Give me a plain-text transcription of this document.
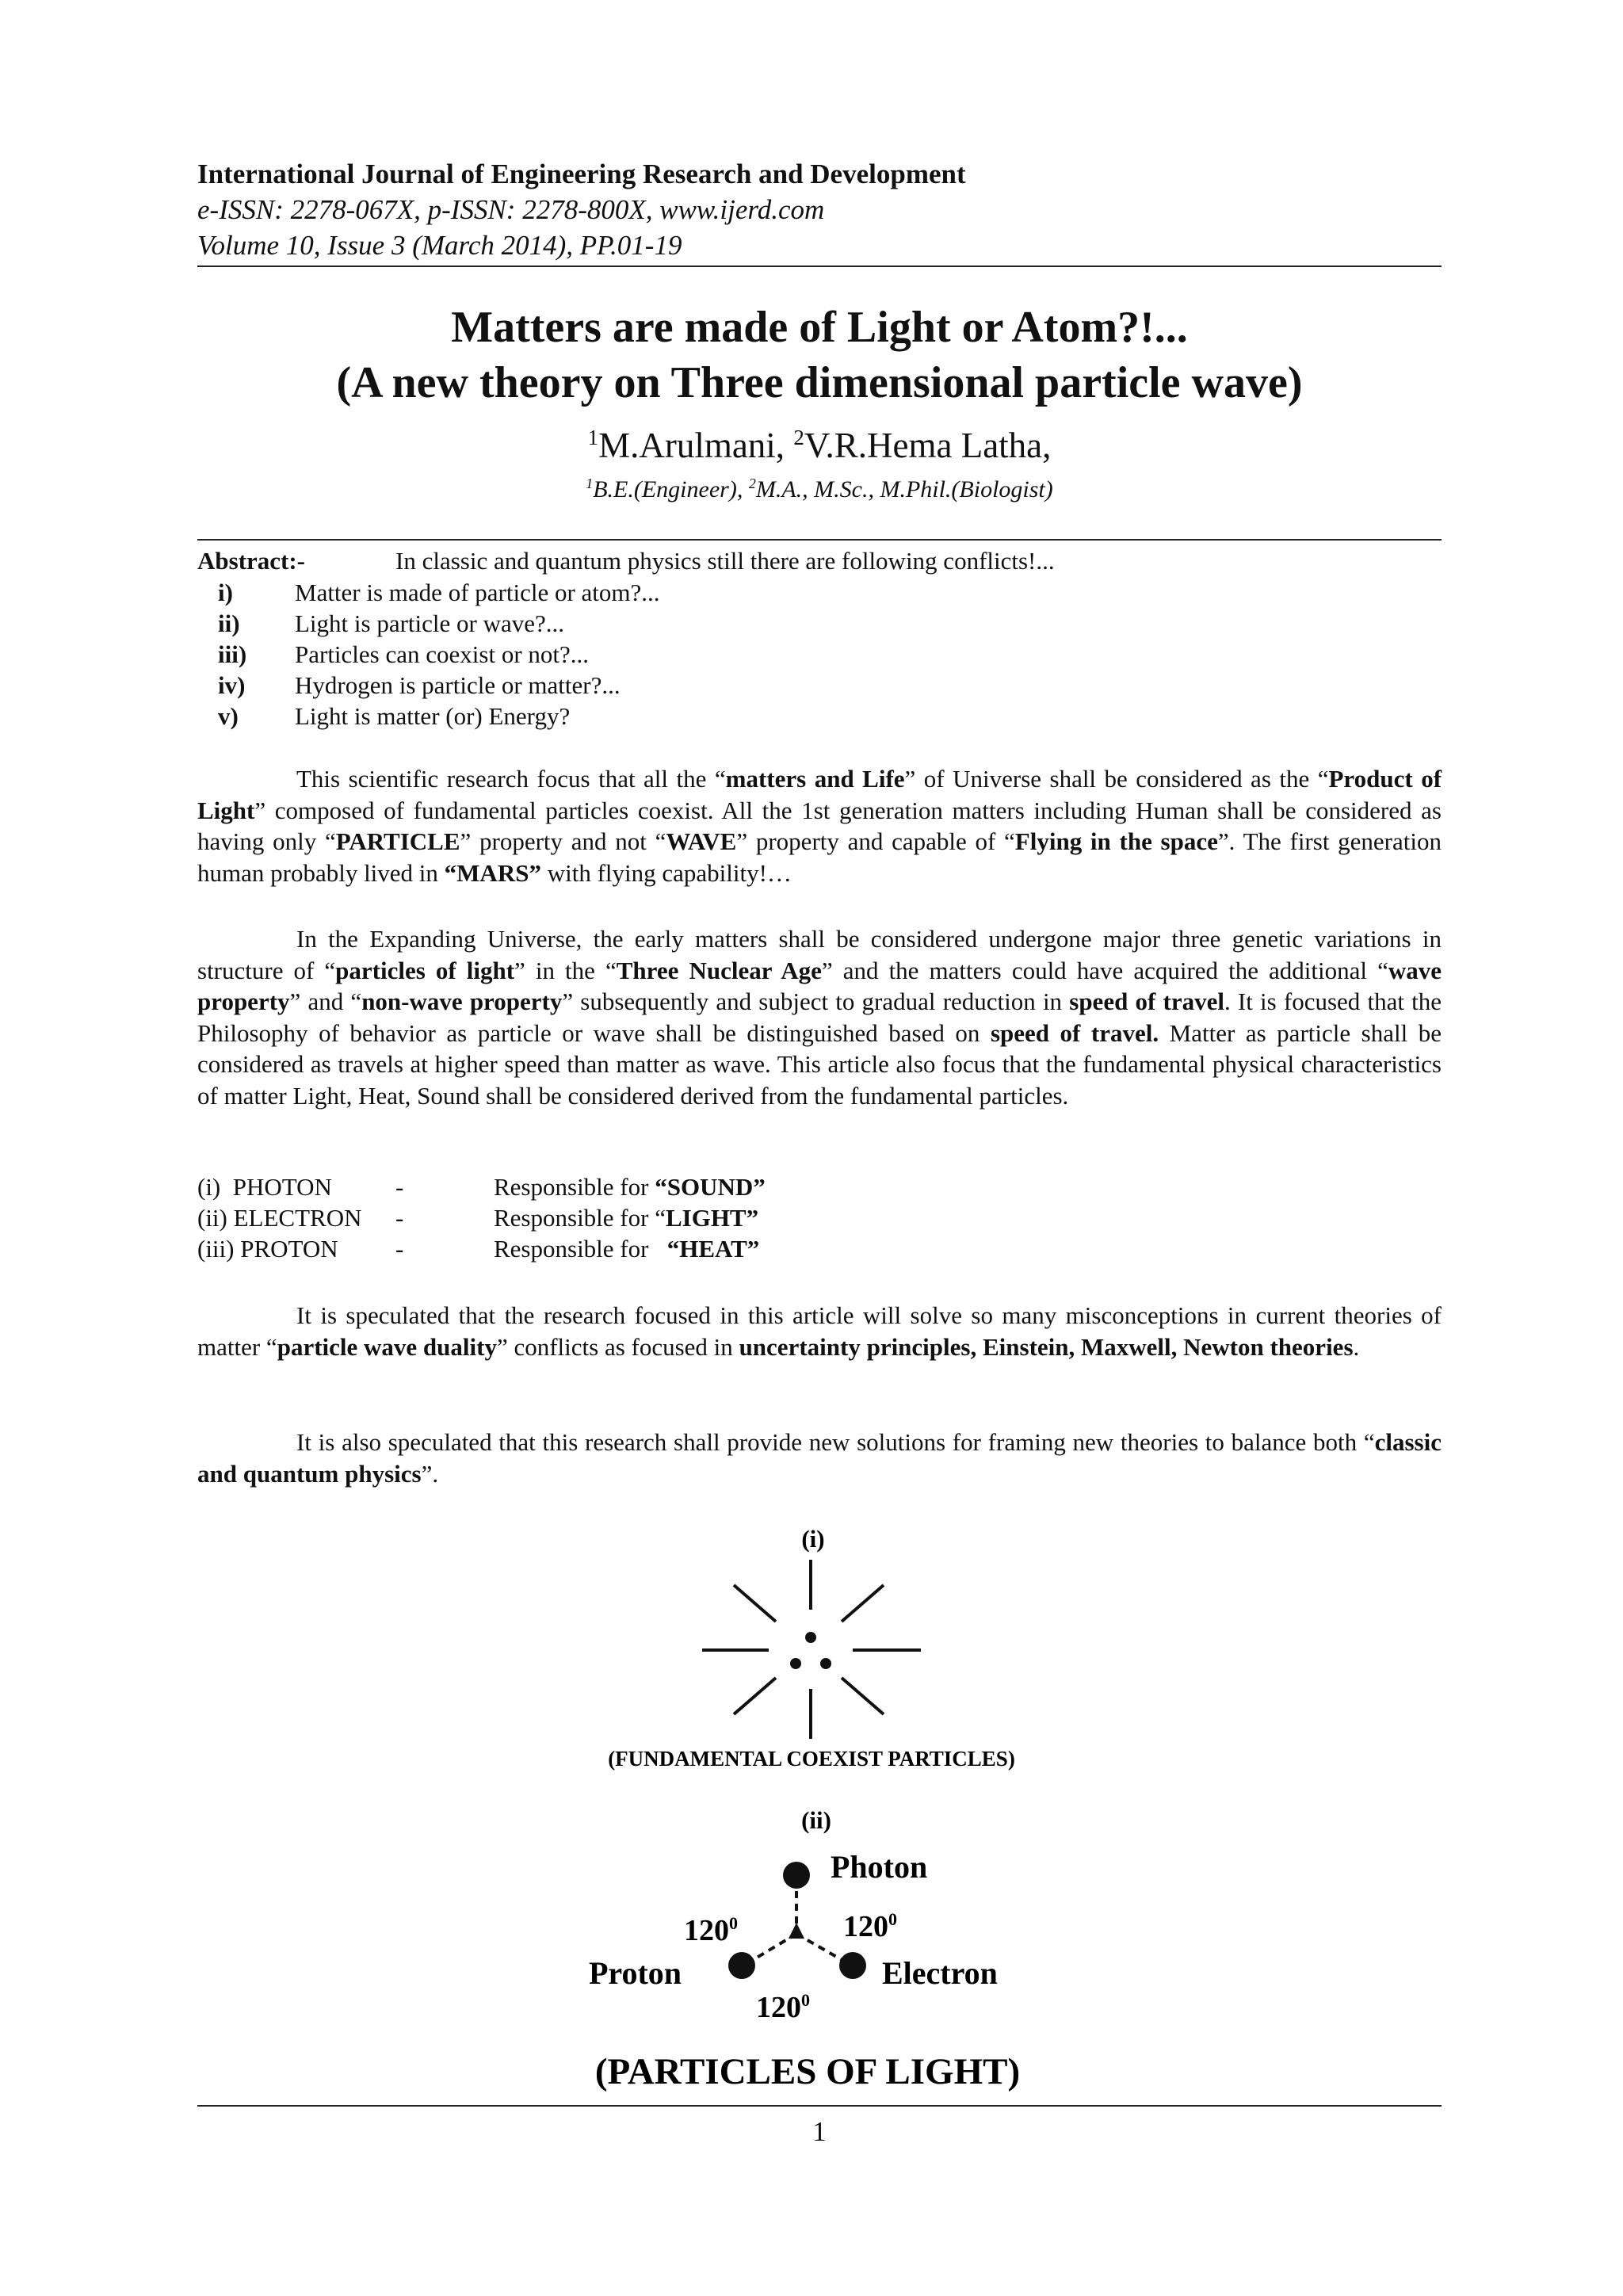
International Journal of Engineering Research and Development
e-ISSN: 2278-067X, p-ISSN: 2278-800X, www.ijerd.com
Volume 10, Issue 3 (March 2014), PP.01-19
Matters are made of Light or Atom?!...
(A new theory on Three dimensional particle wave)
$^1$M.Arulmani, $^2$V.R.Hema Latha,
$^1$B.E.(Engineer), $^2$M.A., M.Sc., M.Phil.(Biologist)
Abstract:-	In classic and quantum physics still there are following conflicts!...
i)	Matter is made of particle or atom?...
ii)	Light is particle or wave?...
iii)	Particles can coexist or not?...
iv)	Hydrogen is particle or matter?...
v)	Light is matter (or) Energy?
This scientific research focus that all the “matters and Life” of Universe shall be considered as the “Product of Light” composed of fundamental particles coexist. All the 1st generation matters including Human shall be considered as having only “PARTICLE” property and not “WAVE” property and capable of “Flying in the space”. The first generation human probably lived in “MARS” with flying capability!…
In the Expanding Universe, the early matters shall be considered undergone major three genetic variations in structure of “particles of light” in the “Three Nuclear Age” and the matters could have acquired the additional “wave property” and “non-wave property” subsequently and subject to gradual reduction in speed of travel. It is focused that the Philosophy of behavior as particle or wave shall be distinguished based on speed of travel. Matter as particle shall be considered as travels at higher speed than matter as wave. This article also focus that the fundamental physical characteristics of matter Light, Heat, Sound shall be considered derived from the fundamental particles.
(i)  PHOTON	-	Responsible for “SOUND”
(ii) ELECTRON	-	Responsible for “ LIGHT”
(iii) PROTON	-	Responsible for “HEAT”
It is speculated that the research focused in this article will solve so many misconceptions in current theories of matter “particle wave duality” conflicts as focused in uncertainty principles, Einstein, Maxwell, Newton theories.
It is also speculated that this research shall provide new solutions for framing new theories to balance both “classic and quantum physics”.
(i)
(FUNDAMENTAL COEXIST PARTICLES)
(ii)
Photon
Proton	Electron
$120^0$	$120^0$
$120^0$
(PARTICLES OF LIGHT)
1
